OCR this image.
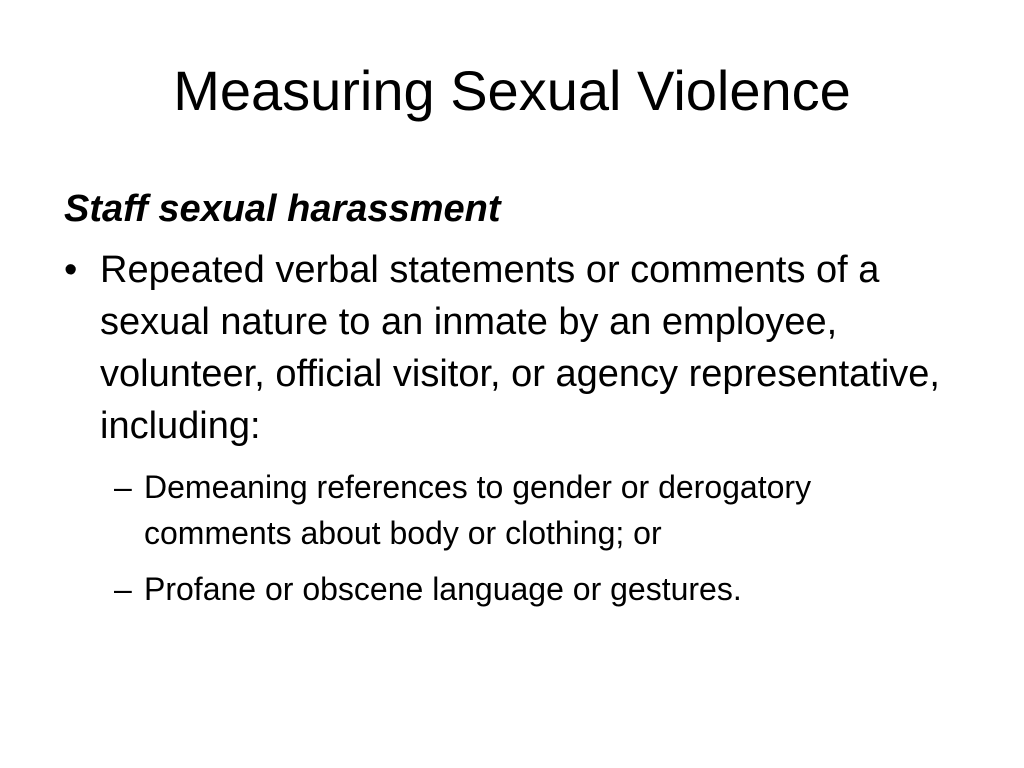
Measuring Sexual Violence
Staff sexual harassment
• Repeated verbal statements or comments of a sexual nature to an inmate by an employee, volunteer, official visitor, or agency representative, including:
– Demeaning references to gender or derogatory comments about body or clothing; or
– Profane or obscene language or gestures.
